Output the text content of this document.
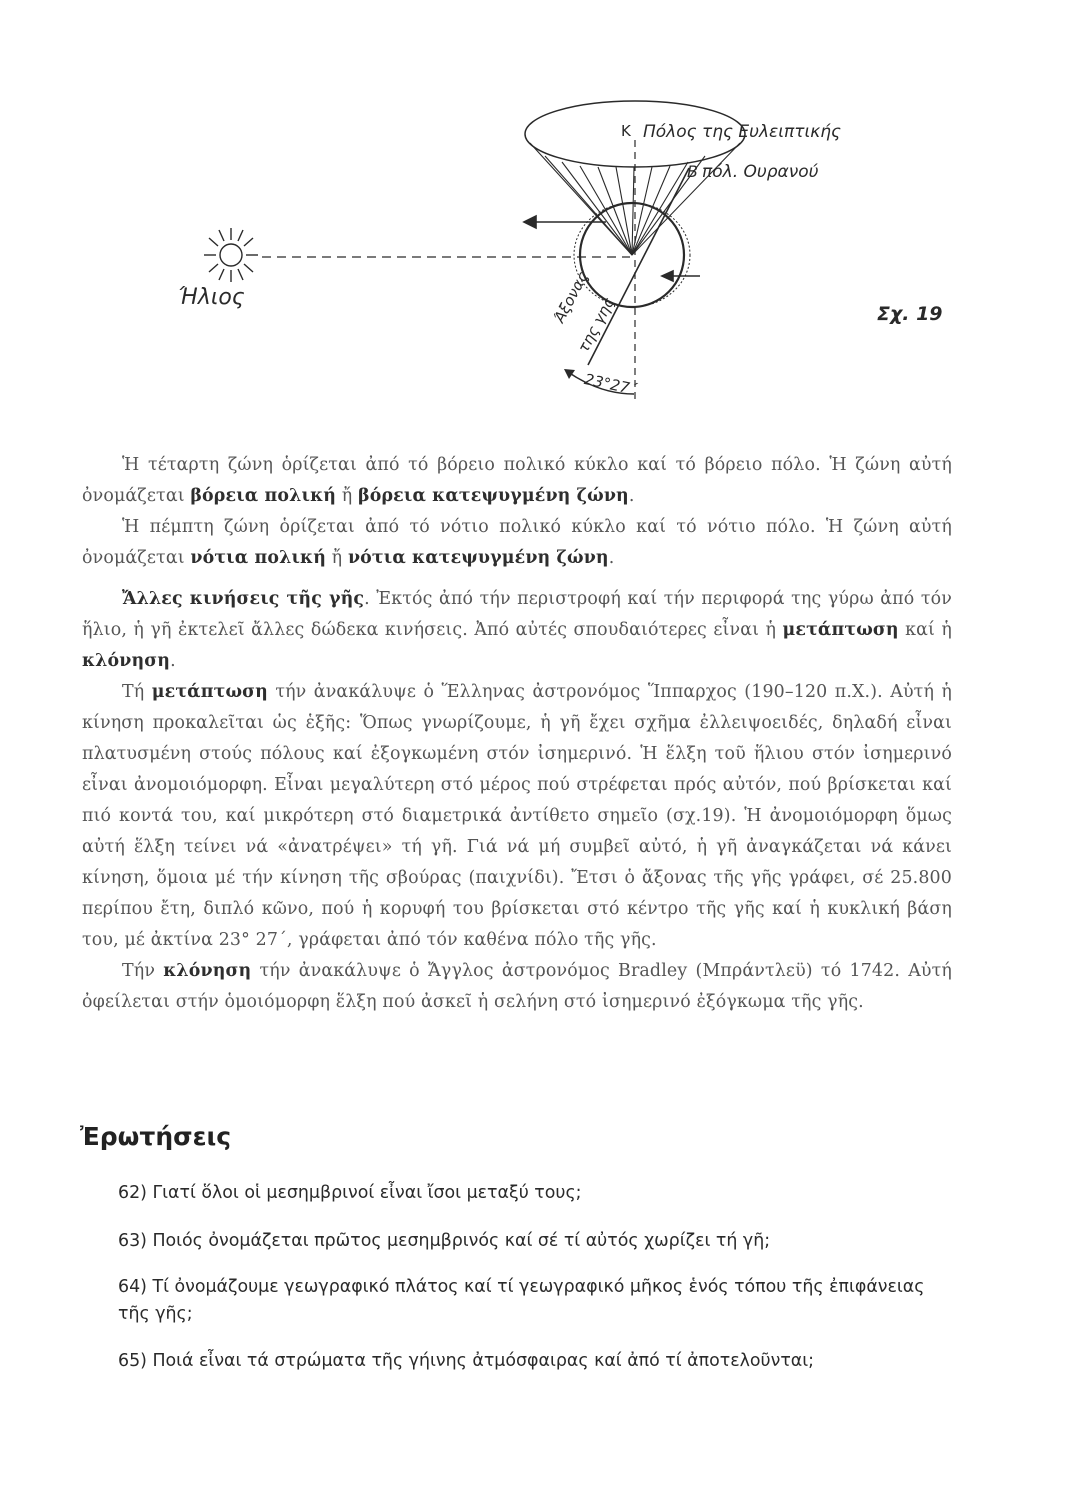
Κ Πόλος της Ευλειπτικής
Β πόλ. Ουρανού
Ήλιος	Άξονας
της γης
23°27΄
Σχ. 19

Ἡ τέταρτη ζώνη ὁρίζεται ἀπό τό βόρειο πολικό κύκλο καί τό βόρειο πόλο. Ἡ ζώνη αὐτή ὀνομάζεται βόρεια πολική ἤ βόρεια κατεψυγμένη ζώνη.

Ἡ πέμπτη ζώνη ὁρίζεται ἀπό τό νότιο πολικό κύκλο καί τό νότιο πόλο. Ἡ ζώνη αὐτή ὀνομάζεται νότια πολική ἤ νότια κατεψυγμένη ζώνη.

Ἄλλες κινήσεις τῆς γῆς. Ἐκτός ἀπό τήν περιστροφή καί τήν περιφορά της γύρω ἀπό τόν ἥλιο, ἡ γῆ ἐκτελεῖ ἄλλες δώδεκα κινήσεις. Ἀπό αὐτές σπουδαιότερες εἶναι ἡ μετάπτωση καί ἡ κλόνηση.

Τή μετάπτωση τήν ἀνακάλυψε ὁ Ἕλληνας ἀστρονόμος Ἵππαρχος (190–120 π.Χ.). Αὐτή ἡ κίνηση προκαλεῖται ὡς ἑξῆς: Ὅπως γνωρίζουμε, ἡ γῆ ἔχει σχῆμα ἐλλειψοειδές, δηλαδή εἶναι πλατυσμένη στούς πόλους καί ἐξογκωμένη στόν ἰσημερινό. Ἡ ἕλξη τοῦ ἥλιου στόν ἰσημερινό εἶναι ἀνομοιόμορφη. Εἶναι μεγαλύτερη στό μέρος πού στρέφεται πρός αὐτόν, πού βρίσκεται καί πιό κοντά του, καί μικρότερη στό διαμετρικά ἀντίθετο σημεῖο (σχ.19). Ἡ ἀνομοιόμορφη ὅμως αὐτή ἕλξη τείνει νά «ἀνατρέψει» τή γῆ. Γιά νά μή συμβεῖ αὐτό, ἡ γῆ ἀναγκάζεται νά κάνει κίνηση, ὅμοια μέ τήν κίνηση τῆς σβούρας (παιχνίδι). Ἔτσι ὁ ἄξονας τῆς γῆς γράφει, σέ 25.800 περίπου ἔτη, διπλό κῶνο, πού ἡ κορυφή του βρίσκεται στό κέντρο τῆς γῆς καί ἡ κυκλική βάση του, μέ ἀκτίνα 23° 27΄, γράφεται ἀπό τόν καθένα πόλο τῆς γῆς.

Τήν κλόνηση τήν ἀνακάλυψε ὁ Ἄγγλος ἀστρονόμος Bradley (Μπράντλεϋ) τό 1742. Αὐτή ὀφείλεται στήν ὁμοιόμορφη ἕλξη πού ἀσκεῖ ἡ σελήνη στό ἰσημερινό ἐξόγκωμα τῆς γῆς.

Ἐρωτήσεις
62) Γιατί ὅλοι οἱ μεσημβρινοί εἶναι ἴσοι μεταξύ τους;
63) Ποιός ὀνομάζεται πρῶτος μεσημβρινός καί σέ τί αὐτός χωρίζει τή γῆ;
64) Τί ὀνομάζουμε γεωγραφικό πλάτος καί τί γεωγραφικό μῆκος ἑνός τόπου τῆς ἐπιφάνειας τῆς γῆς;
65) Ποιά εἶναι τά στρώματα τῆς γήινης ἀτμόσφαιρας καί ἀπό τί ἀποτελοῦνται;
